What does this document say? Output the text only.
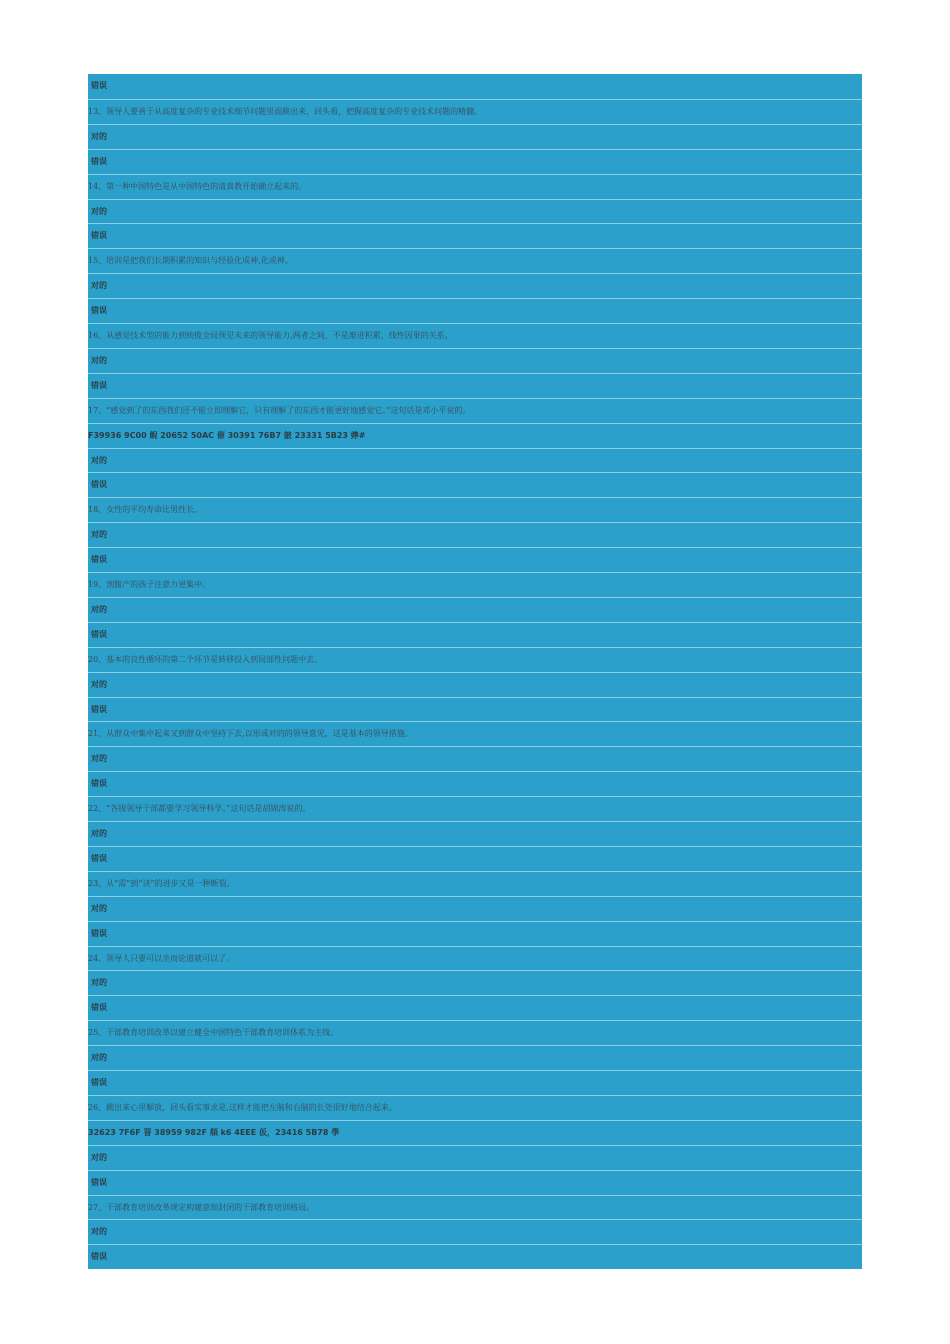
错误
13、领导人要善于从高度复杂的专业技术细节问题里面跳出来，回头看，把握高度复杂的专业技术问题的精髓。
对的
错误
14、第一种中国特色是从中国特色的清真教开始确立起来的。
对的
错误
15、培训是把我们长期积累的知识与经验化成神,化成神。
对的
错误
16、从感觉技术型的能力到统揽全局预见未来的领导能力,两者之间，不是渐进积累、线性因果的关系。
对的
错误
17、“感觉到了的东西我们还不能立即理解它，只有理解了的东西才能更好地感觉它。”这句话是邓小平说的。
F39936 9C00 鲵 20652 50AC 催 30391 76B7 皷 23331 5B23 嬣#
对的
错误
18、女性的平均寿命比男性长。
对的
错误
19、剖腹产的孩子注意力更集中。
对的
错误
20、基本的良性循环的第二个环节是转移投入到局部性问题中去。
对的
错误
21、从群众中集中起来又到群众中坚持下去,以形成对的的领导意见，这是基本的领导措施。
对的
错误
22、“各级领导干部都要学习领导科学。”这句话是胡锦涛说的。
对的
错误
23、从“需”到“诀”的进步又是一种断裂。
对的
错误
24、领导人只要可以坐而论道就可以了。
对的
错误
25、干部教育培训改革以建立健全中国特色干部教育培训体系为主线。
对的
错误
26、跳出来心里解放，回头看实事求是,这样才能把左脑和右脑的长处很好地结合起来。
32623 7F6F 罯 38959 982F 頯 k6 4EEE 仮，23416 5B78 學
对的
错误
27、干部教育培训改革规定构建意加封闭的干部教育培训格局。
对的
错误
